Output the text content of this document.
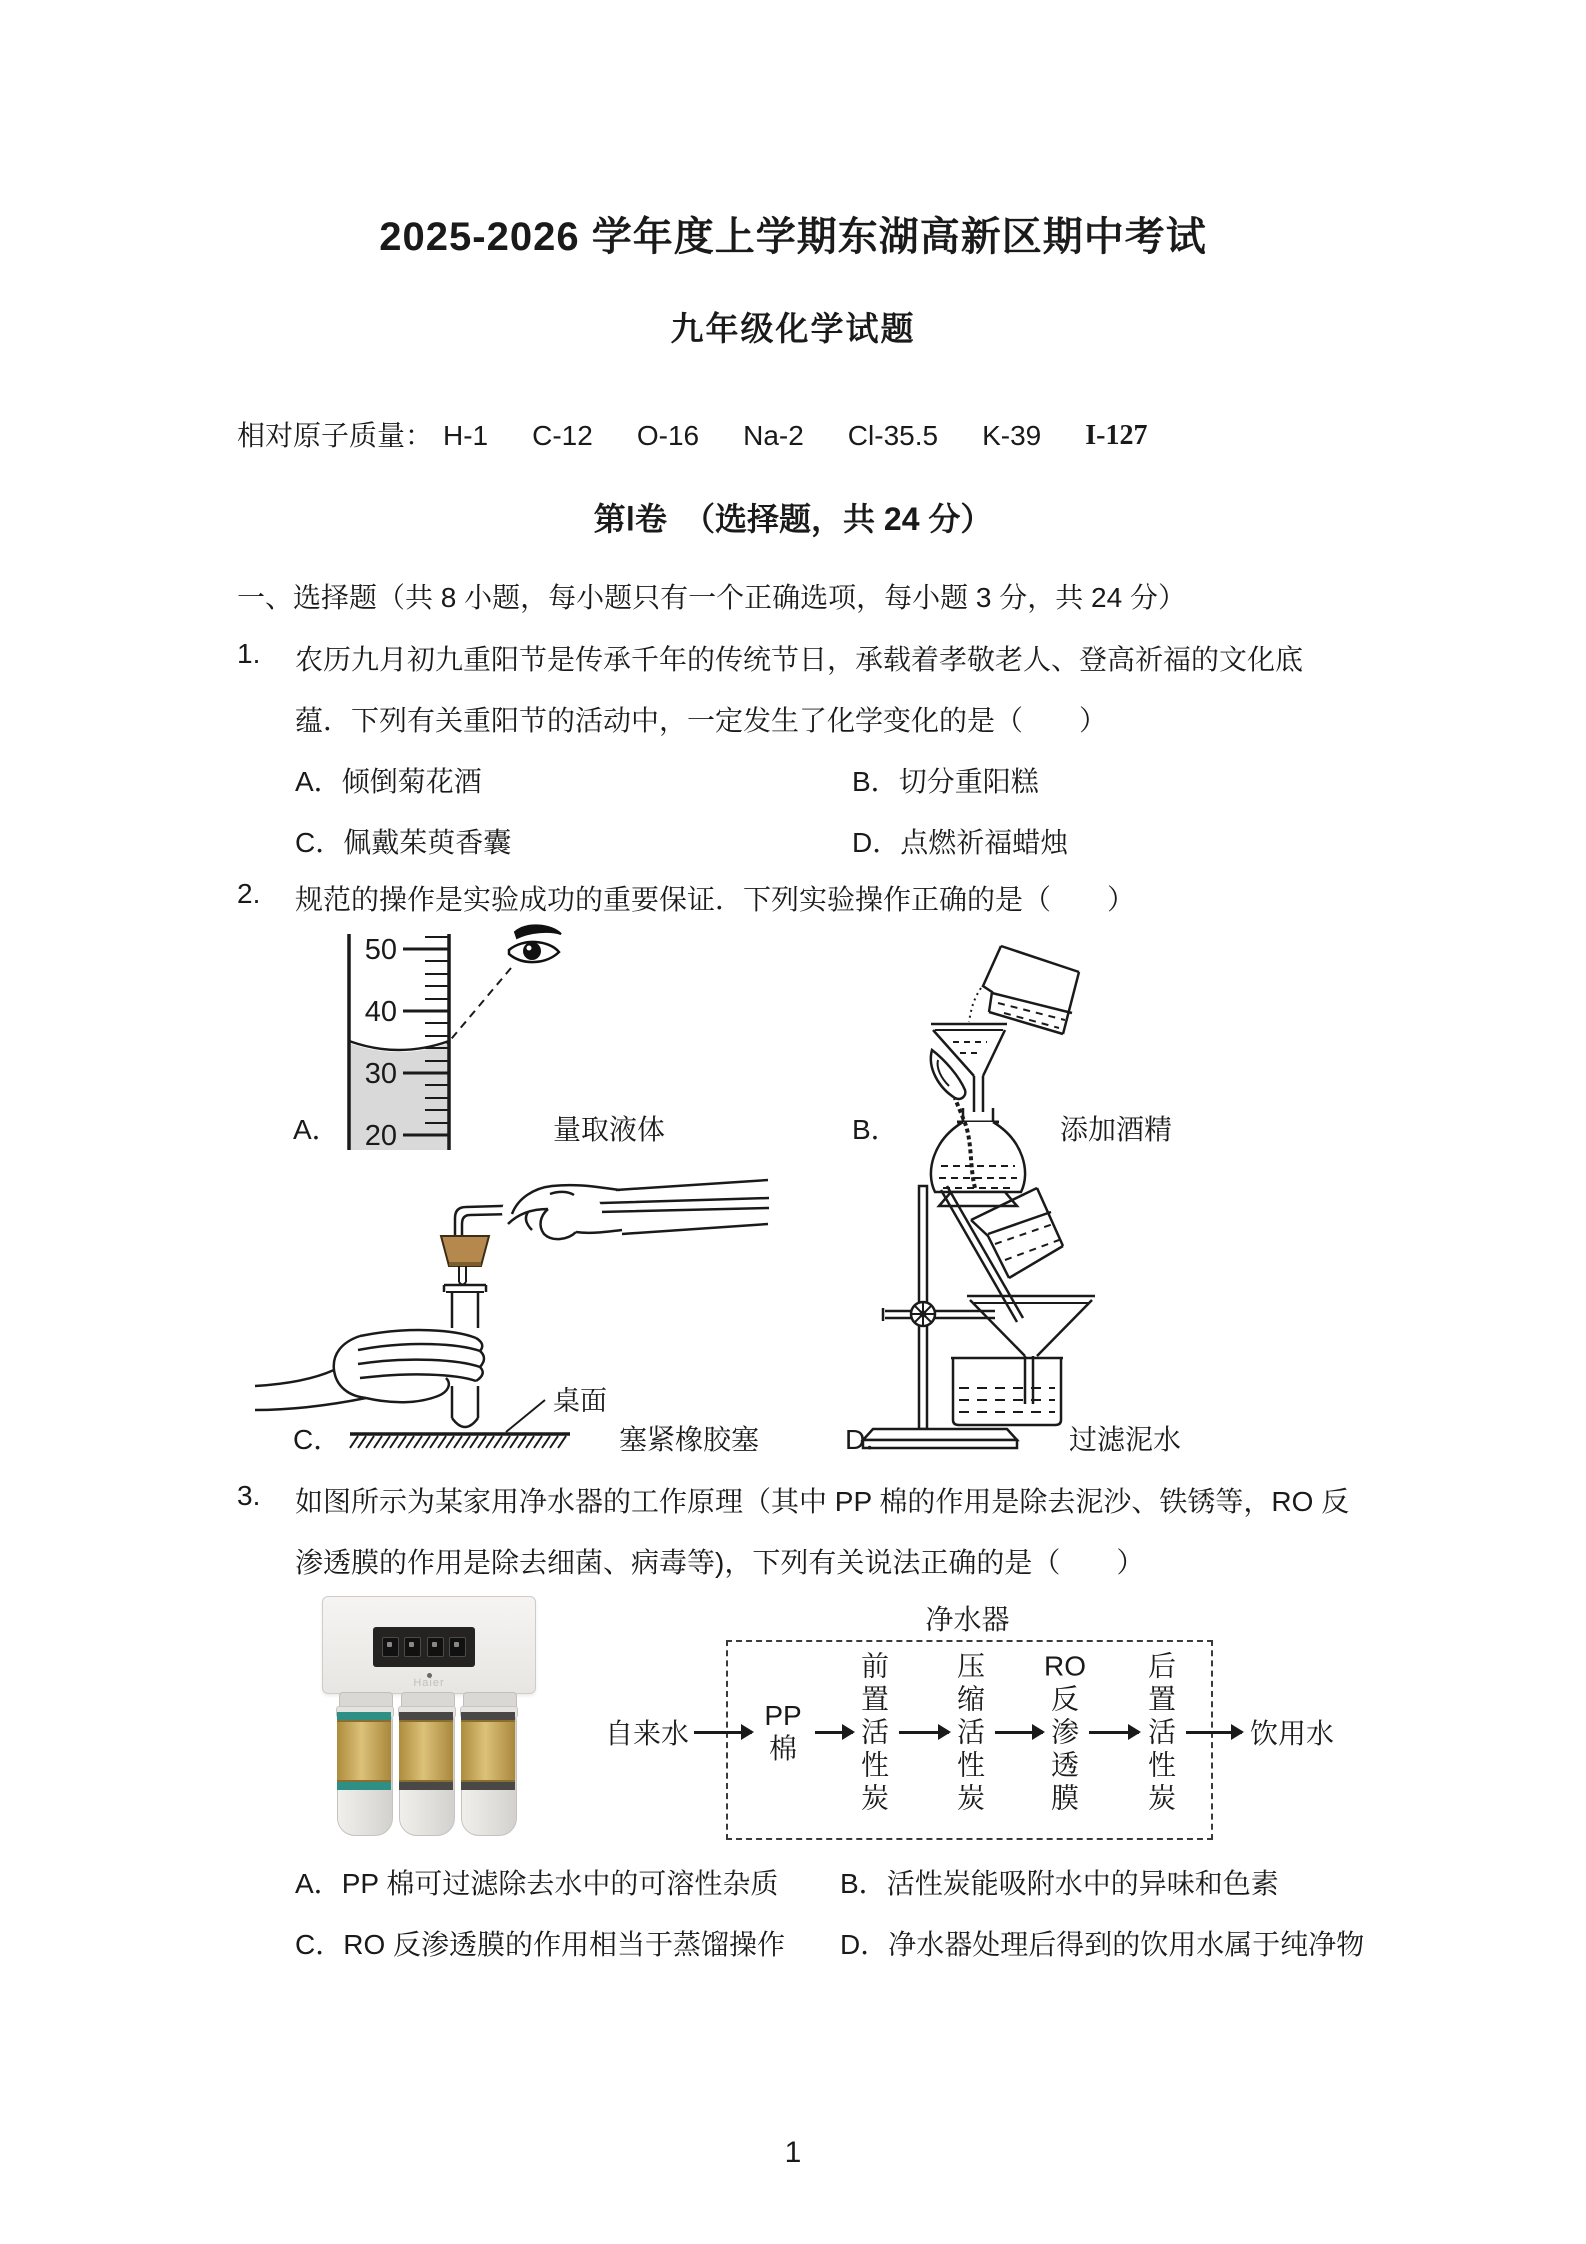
2025-2026 学年度上学期东湖高新区期中考试
九年级化学试题
相对原子质量： H-1 C-12 O-16 Na-2 Cl-35.5 K-39 I-127
第Ⅰ卷　（选择题，共 24 分）
一、选择题（共 8 小题，每小题只有一个正确选项，每小题 3 分，共 24 分）
1.	农历九月初九重阳节是传承千年的传统节日，承载着孝敬老人、登高祈福的文化底
蕴．下列有关重阳节的活动中，一定发生了化学变化的是（　　）
A．倾倒菊花酒	B．切分重阳糕
C．佩戴茱萸香囊	D．点燃祈福蜡烛
2.	规范的操作是实验成功的重要保证．下列实验操作正确的是（　　）
50
40
30
20
A．	量取液体	B．	添加酒精
桌面
C．	塞紧橡胶塞	D．	过滤泥水
3.	如图所示为某家用净水器的工作原理（其中 PP 棉的作用是除去泥沙、铁锈等，RO 反
渗透膜的作用是除去细菌、病毒等)，下列有关说法正确的是（　　）
Haier
净水器
自来水
PP
棉
前
置
活
性
炭
压
缩
活
性
炭
RO
反
渗
透
膜
后
置
活
性
炭
饮用水
A．PP 棉可过滤除去水中的可溶性杂质 B．活性炭能吸附水中的异味和色素
C．RO 反渗透膜的作用相当于蒸馏操作 D．净水器处理后得到的饮用水属于纯净物
1
